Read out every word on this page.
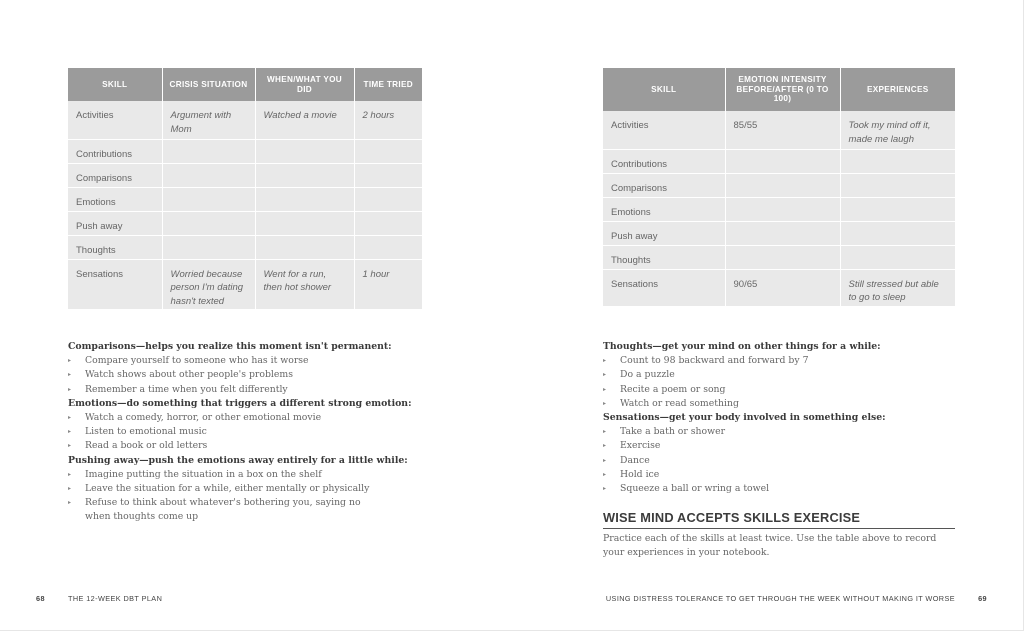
SKILL	CRISIS SITUATION	WHEN/WHAT YOU DID	TIME TRIED
Activities	Argument with Mom	Watched a movie	2 hours
Contributions			
Comparisons			
Emotions			
Push away			
Thoughts			
Sensations	Worried because person I'm dating hasn't texted	Went for a run, then hot shower	1 hour
SKILL	EMOTION INTENSITY BEFORE/AFTER (0 TO 100)	EXPERIENCES
Activities	85/55	Took my mind off it, made me laugh
Contributions		
Comparisons		
Emotions		
Push away		
Thoughts		
Sensations	90/65	Still stressed but able to go to sleep
Comparisons—helps you realize this moment isn't permanent:
▸ Compare yourself to someone who has it worse
▸ Watch shows about other people's problems
▸ Remember a time when you felt differently
Emotions—do something that triggers a different strong emotion:
▸ Watch a comedy, horror, or other emotional movie
▸ Listen to emotional music
▸ Read a book or old letters
Pushing away—push the emotions away entirely for a little while:
▸ Imagine putting the situation in a box on the shelf
▸ Leave the situation for a while, either mentally or physically
▸ Refuse to think about whatever's bothering you, saying no when thoughts come up
Thoughts—get your mind on other things for a while:
▸ Count to 98 backward and forward by 7
▸ Do a puzzle
▸ Recite a poem or song
▸ Watch or read something
Sensations—get your body involved in something else:
▸ Take a bath or shower
▸ Exercise
▸ Dance
▸ Hold ice
▸ Squeeze a ball or wring a towel
WISE MIND ACCEPTS SKILLS EXERCISE
Practice each of the skills at least twice. Use the table above to record your experiences in your notebook.
68	THE 12-WEEK DBT PLAN	USING DISTRESS TOLERANCE TO GET THROUGH THE WEEK WITHOUT MAKING IT WORSE	69
